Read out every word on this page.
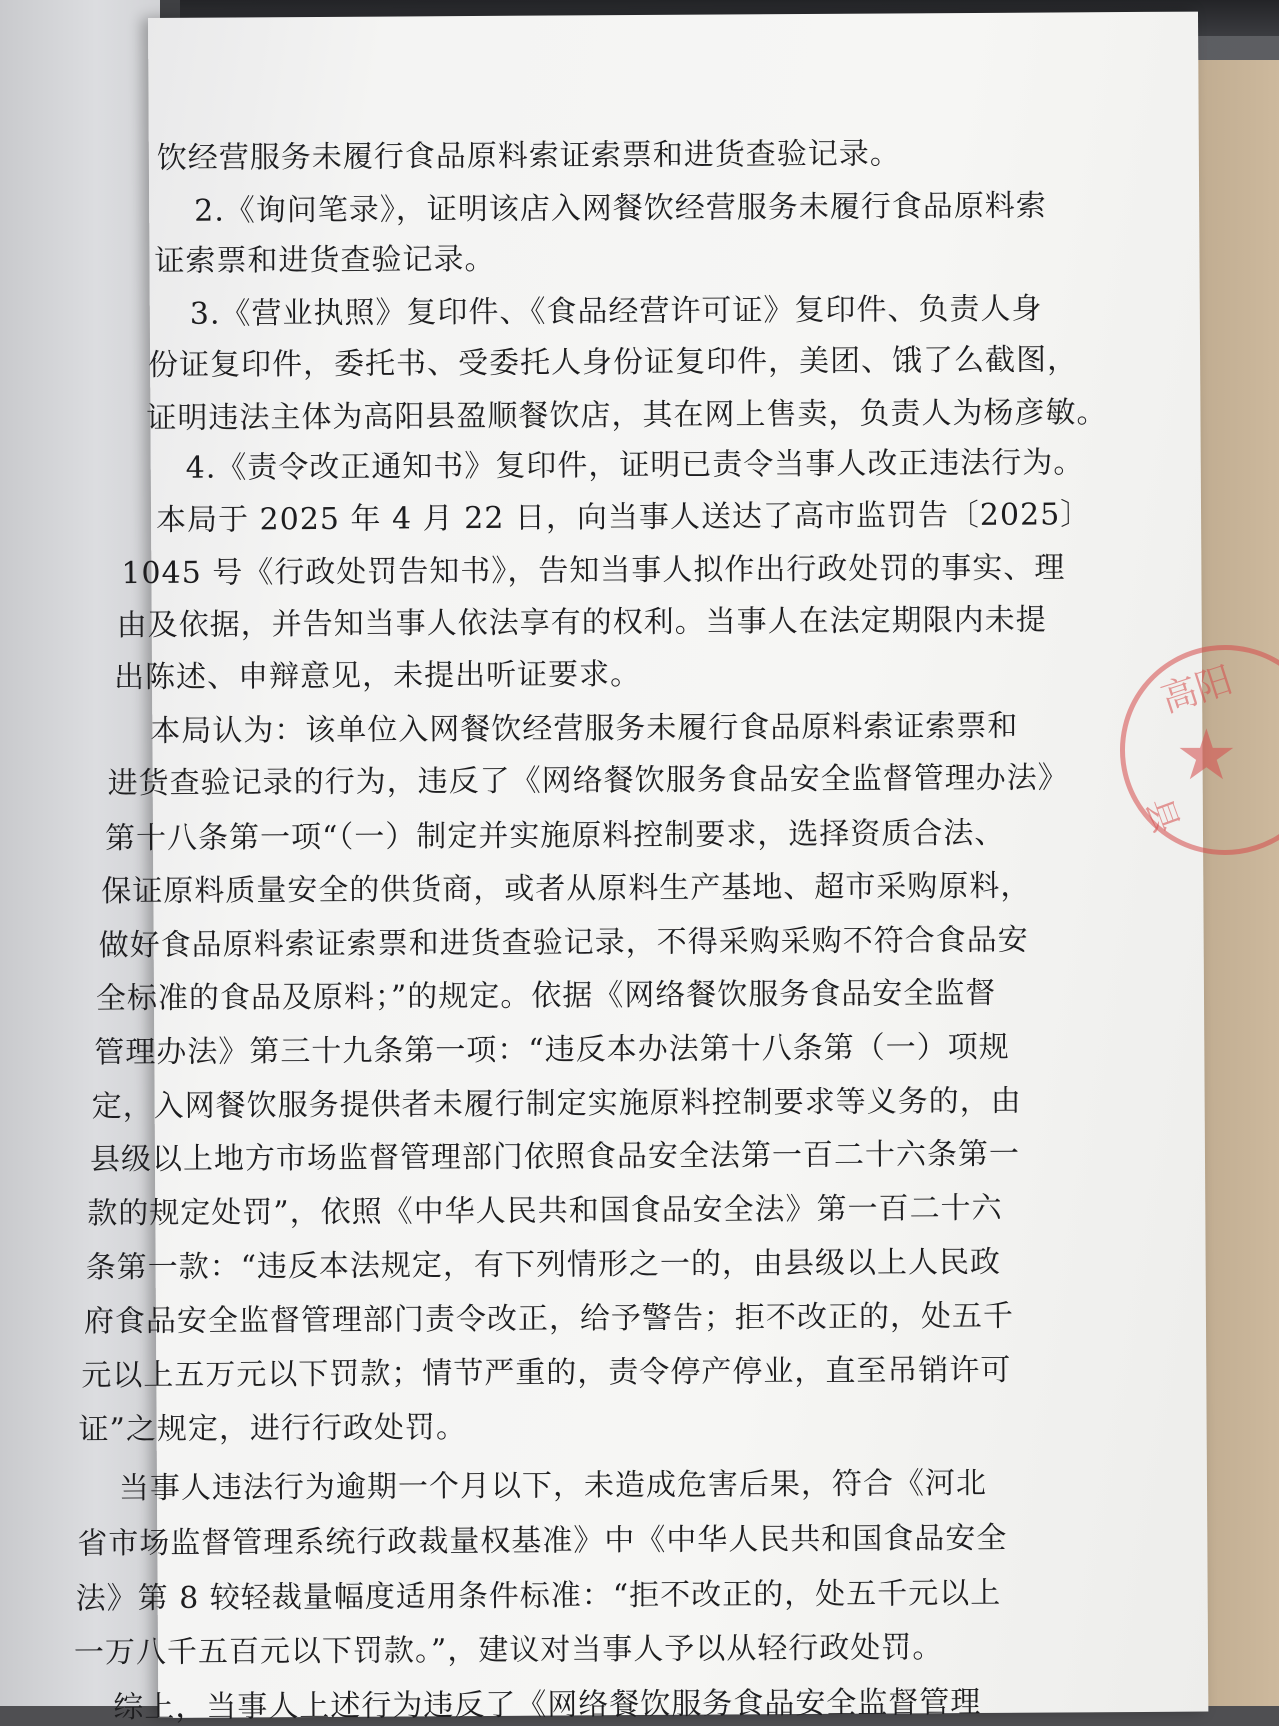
饮经营服务未履行食品原料索证索票和进货查验记录。
2.《询问笔录》，证明该店入网餐饮经营服务未履行食品原料索
证索票和进货查验记录。
3.《营业执照》复印件、《食品经营许可证》复印件、负责人身
份证复印件，委托书、受委托人身份证复印件，美团、饿了么截图，
证明违法主体为高阳县盈顺餐饮店，其在网上售卖，负责人为杨彦敏。
4.《责令改正通知书》复印件，证明已责令当事人改正违法行为。
本局于 2025 年 4 月 22 日，向当事人送达了高市监罚告〔2025〕
1045 号《行政处罚告知书》，告知当事人拟作出行政处罚的事实、理
由及依据，并告知当事人依法享有的权利。当事人在法定期限内未提
出陈述、申辩意见，未提出听证要求。
本局认为：该单位入网餐饮经营服务未履行食品原料索证索票和
进货查验记录的行为，违反了《网络餐饮服务食品安全监督管理办法》
第十八条第一项“（一）制定并实施原料控制要求，选择资质合法、
保证原料质量安全的供货商，或者从原料生产基地、超市采购原料，
做好食品原料索证索票和进货查验记录，不得采购采购不符合食品安
全标准的食品及原料；”的规定。依据《网络餐饮服务食品安全监督
管理办法》第三十九条第一项：“违反本办法第十八条第（一）项规
定，入网餐饮服务提供者未履行制定实施原料控制要求等义务的，由
县级以上地方市场监督管理部门依照食品安全法第一百二十六条第一
款的规定处罚”，依照《中华人民共和国食品安全法》第一百二十六
条第一款：“违反本法规定，有下列情形之一的，由县级以上人民政
府食品安全监督管理部门责令改正，给予警告；拒不改正的，处五千
元以上五万元以下罚款；情节严重的，责令停产停业，直至吊销许可
证”之规定，进行行政处罚。
当事人违法行为逾期一个月以下，未造成危害后果，符合《河北
省市场监督管理系统行政裁量权基准》中《中华人民共和国食品安全
法》第 8 较轻裁量幅度适用条件标准：“拒不改正的，处五千元以上
一万八千五百元以下罚款。”，建议对当事人予以从轻行政处罚。
综上，当事人上述行为违反了《网络餐饮服务食品安全监督管理
高阳
★
县
